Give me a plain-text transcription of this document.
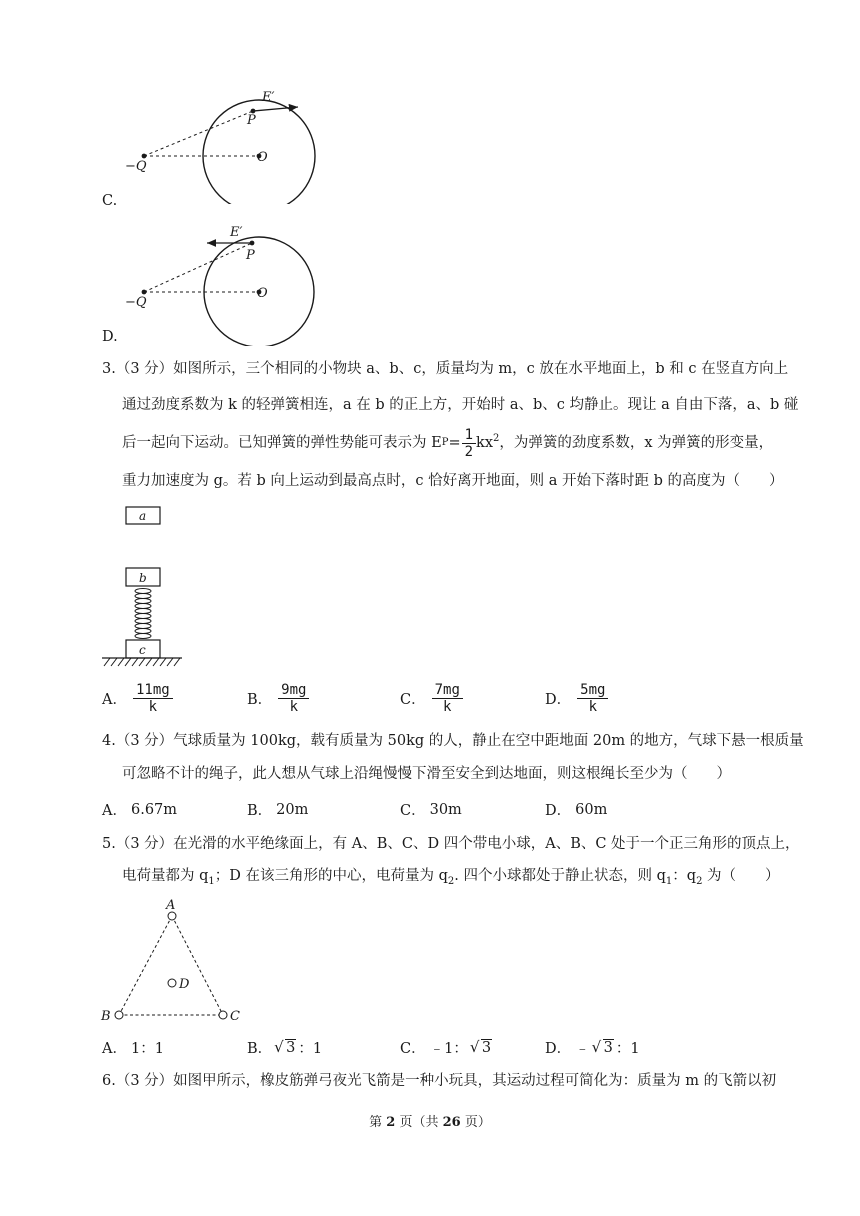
E′
P
−Q
O
C.
E′
P
−Q
O
D.
3.（3 分）如图所示，三个相同的小物块 a、b、c，质量均为 m，c 放在水平地面上，b 和 c 在竖直方向上
通过劲度系数为 k 的轻弹簧相连，a 在 b 的正上方，开始时 a、b、c 均静止。现让 a 自由下落，a、b 碰
后一起向下运动。已知弹簧的弹性势能可表示为 E $P = \frac{1}{2} kx^2$ ，为弹簧的劲度系数，x 为弹簧的形变量，
重力加速度为 g。若 b 向上运动到最高点时，c 恰好离开地面，则 a 开始下落时距 b 的高度为（　　）
a
b
c
A． $\frac{11mg}{k}$	B． $\frac{9mg}{k}$	C． $\frac{7mg}{k}$	D． $\frac{5mg}{k}$
4.（3 分）气球质量为 100kg，载有质量为 50kg 的人，静止在空中距地面 20m 的地方，气球下悬一根质量
可忽略不计的绳子，此人想从气球上沿绳慢慢下滑至安全到达地面，则这根绳长至少为（　　）
A． 6.67m	B． 20m	C． 30m	D． 60m
5.（3 分）在光滑的水平绝缘面上，有 A、B、C、D 四个带电小球，A、B、C 处于一个正三角形的顶点上，
电荷量都为 $q_1$；D 在该三角形的中心，电荷量为 $q_2$. 四个小球都处于静止状态，则 $q_1$：$q_2$ 为（　　）
A
B	C
D
A． 1：1	B． √ 3 ：1	C． ﹣1： √ 3	D． ﹣ √ 3 ：1
6.（3 分）如图甲所示，橡皮筋弹弓夜光飞箭是一种小玩具，其运动过程可简化为：质量为 m 的飞箭以初
第 2 页（共 26 页）
